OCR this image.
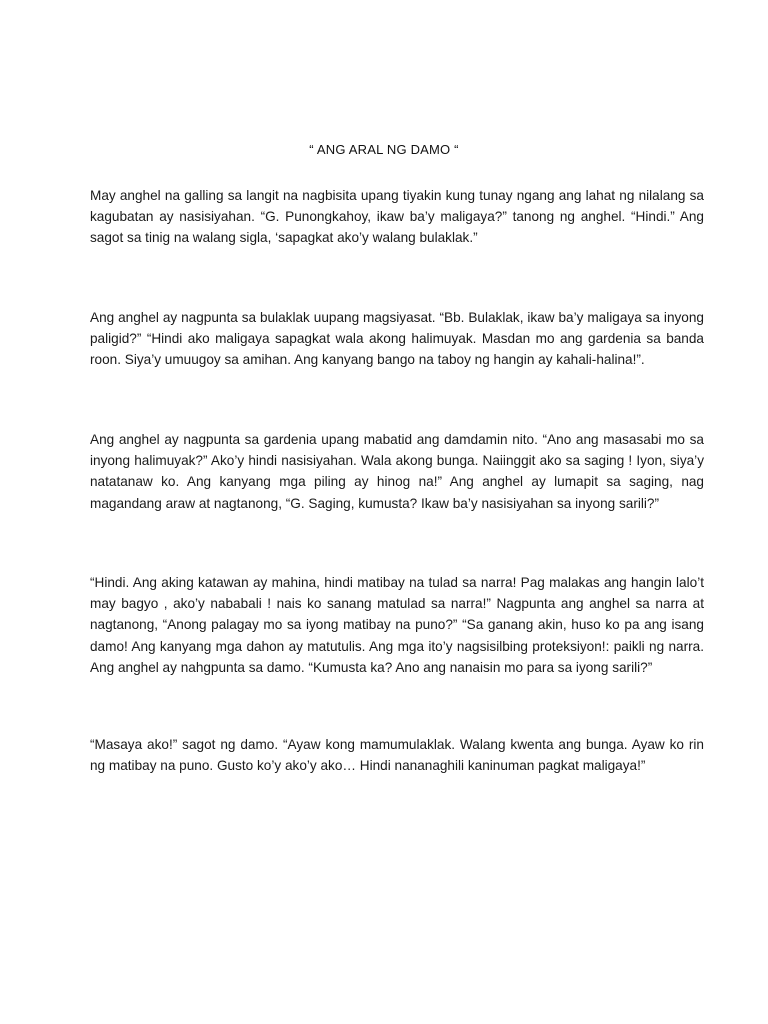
“ ANG ARAL NG DAMO “

May anghel na galling sa langit na nagbisita upang tiyakin kung tunay ngang ang lahat ng nilalang sa kagubatan ay nasisiyahan. “G. Punongkahoy, ikaw ba’y maligaya?” tanong ng anghel. “Hindi.” Ang sagot sa tinig na walang sigla, ‘sapagkat ako’y walang bulaklak.”

Ang anghel ay nagpunta sa bulaklak uupang magsiyasat. “Bb. Bulaklak, ikaw ba’y maligaya sa inyong paligid?” “Hindi ako maligaya sapagkat wala akong halimuyak. Masdan mo ang gardenia sa banda roon. Siya’y umuugoy sa amihan. Ang kanyang bango na taboy ng hangin ay kahali-halina!”.

Ang anghel ay nagpunta sa gardenia upang mabatid ang damdamin nito. “Ano ang masasabi mo sa inyong halimuyak?” Ako’y hindi nasisiyahan. Wala akong bunga. Naiinggit ako sa saging ! Iyon, siya’y natatanaw ko. Ang kanyang mga piling ay hinog na!” Ang anghel ay lumapit sa saging, nag magandang araw at nagtanong, “G. Saging, kumusta? Ikaw ba’y nasisiyahan sa inyong sarili?”

“Hindi. Ang aking katawan ay mahina, hindi matibay na tulad sa narra! Pag malakas ang hangin lalo’t may bagyo , ako’y nababali ! nais ko sanang matulad sa narra!” Nagpunta ang anghel sa narra at nagtanong, “Anong palagay mo sa iyong matibay na puno?” “Sa ganang akin, huso ko pa ang isang damo! Ang kanyang mga dahon ay matutulis. Ang mga ito’y nagsisilbing proteksiyon!: paikli ng narra. Ang anghel ay nahgpunta sa damo. “Kumusta ka? Ano ang nanaisin mo para sa iyong sarili?”

“Masaya ako!” sagot ng damo. “Ayaw kong mamumulaklak. Walang kwenta ang bunga. Ayaw ko rin ng matibay na puno. Gusto ko’y ako’y ako… Hindi nananaghili kaninuman pagkat maligaya!”
